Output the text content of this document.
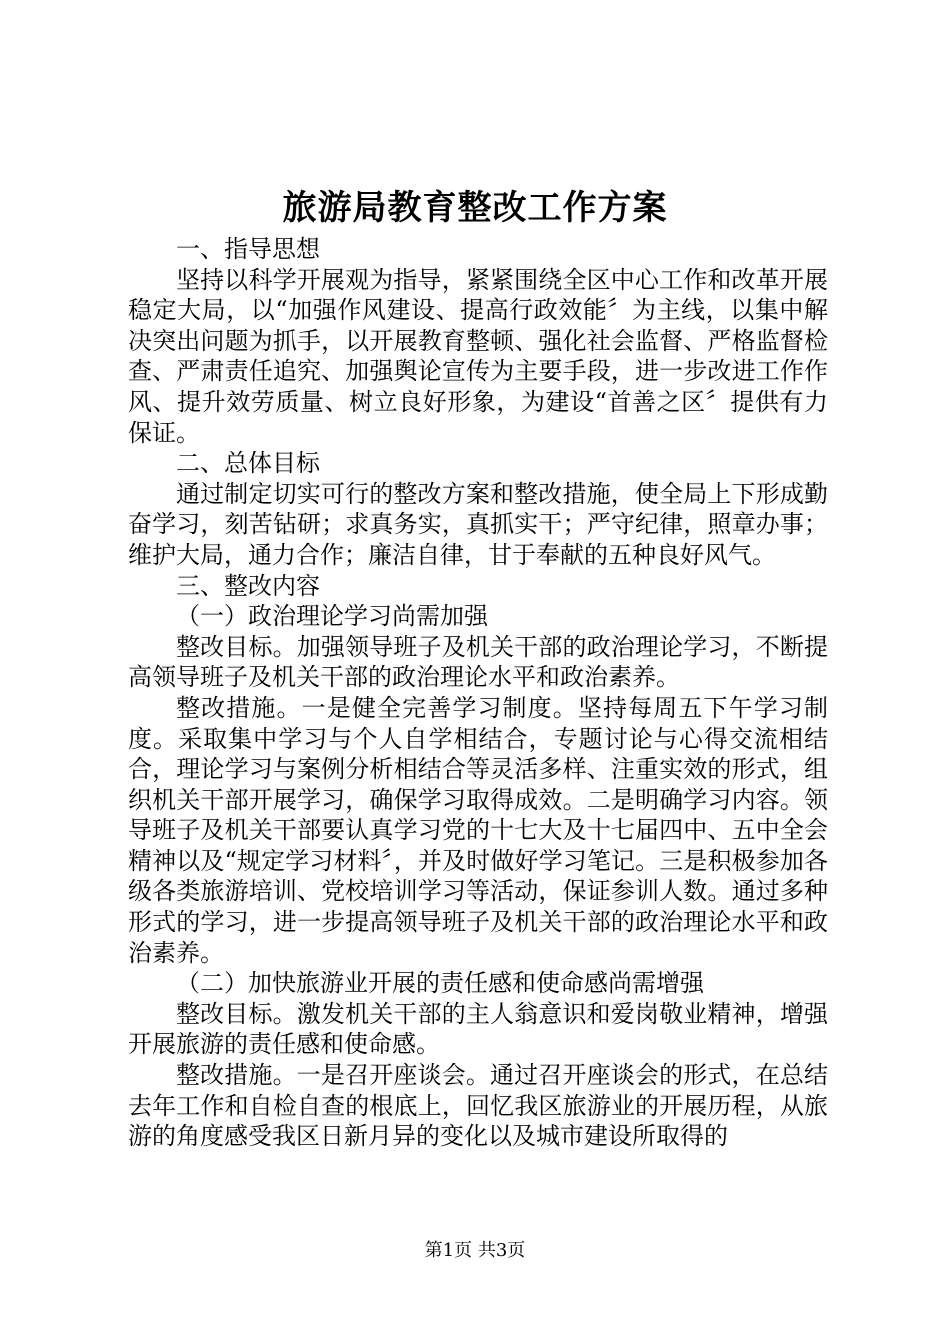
旅游局教育整改工作方案

一、指导思想

坚持以科学开展观为指导，紧紧围绕全区中心工作和改革开展稳定大局，以“加强作风建设、提高行政效能〞为主线，以集中解决突出问题为抓手，以开展教育整顿、强化社会监督、严格监督检查、严肃责任追究、加强舆论宣传为主要手段，进一步改进工作作风、提升效劳质量、树立良好形象，为建设“首善之区〞提供有力保证。

二、总体目标

通过制定切实可行的整改方案和整改措施，使全局上下形成勤奋学习，刻苦钻研；求真务实，真抓实干；严守纪律，照章办事；维护大局，通力合作；廉洁自律，甘于奉献的五种良好风气。

三、整改内容

（一）政治理论学习尚需加强

整改目标。加强领导班子及机关干部的政治理论学习，不断提高领导班子及机关干部的政治理论水平和政治素养。

整改措施。一是健全完善学习制度。坚持每周五下午学习制度。采取集中学习与个人自学相结合，专题讨论与心得交流相结合，理论学习与案例分析相结合等灵活多样、注重实效的形式，组织机关干部开展学习，确保学习取得成效。二是明确学习内容。领导班子及机关干部要认真学习党的十七大及十七届四中、五中全会精神以及“规定学习材料〞，并及时做好学习笔记。三是积极参加各级各类旅游培训、党校培训学习等活动，保证参训人数。通过多种形式的学习，进一步提高领导班子及机关干部的政治理论水平和政治素养。

（二）加快旅游业开展的责任感和使命感尚需增强

整改目标。激发机关干部的主人翁意识和爱岗敬业精神，增强开展旅游的责任感和使命感。

整改措施。一是召开座谈会。通过召开座谈会的形式，在总结去年工作和自检自查的根底上，回忆我区旅游业的开展历程，从旅游的角度感受我区日新月异的变化以及城市建设所取得的

第1页 共3页
